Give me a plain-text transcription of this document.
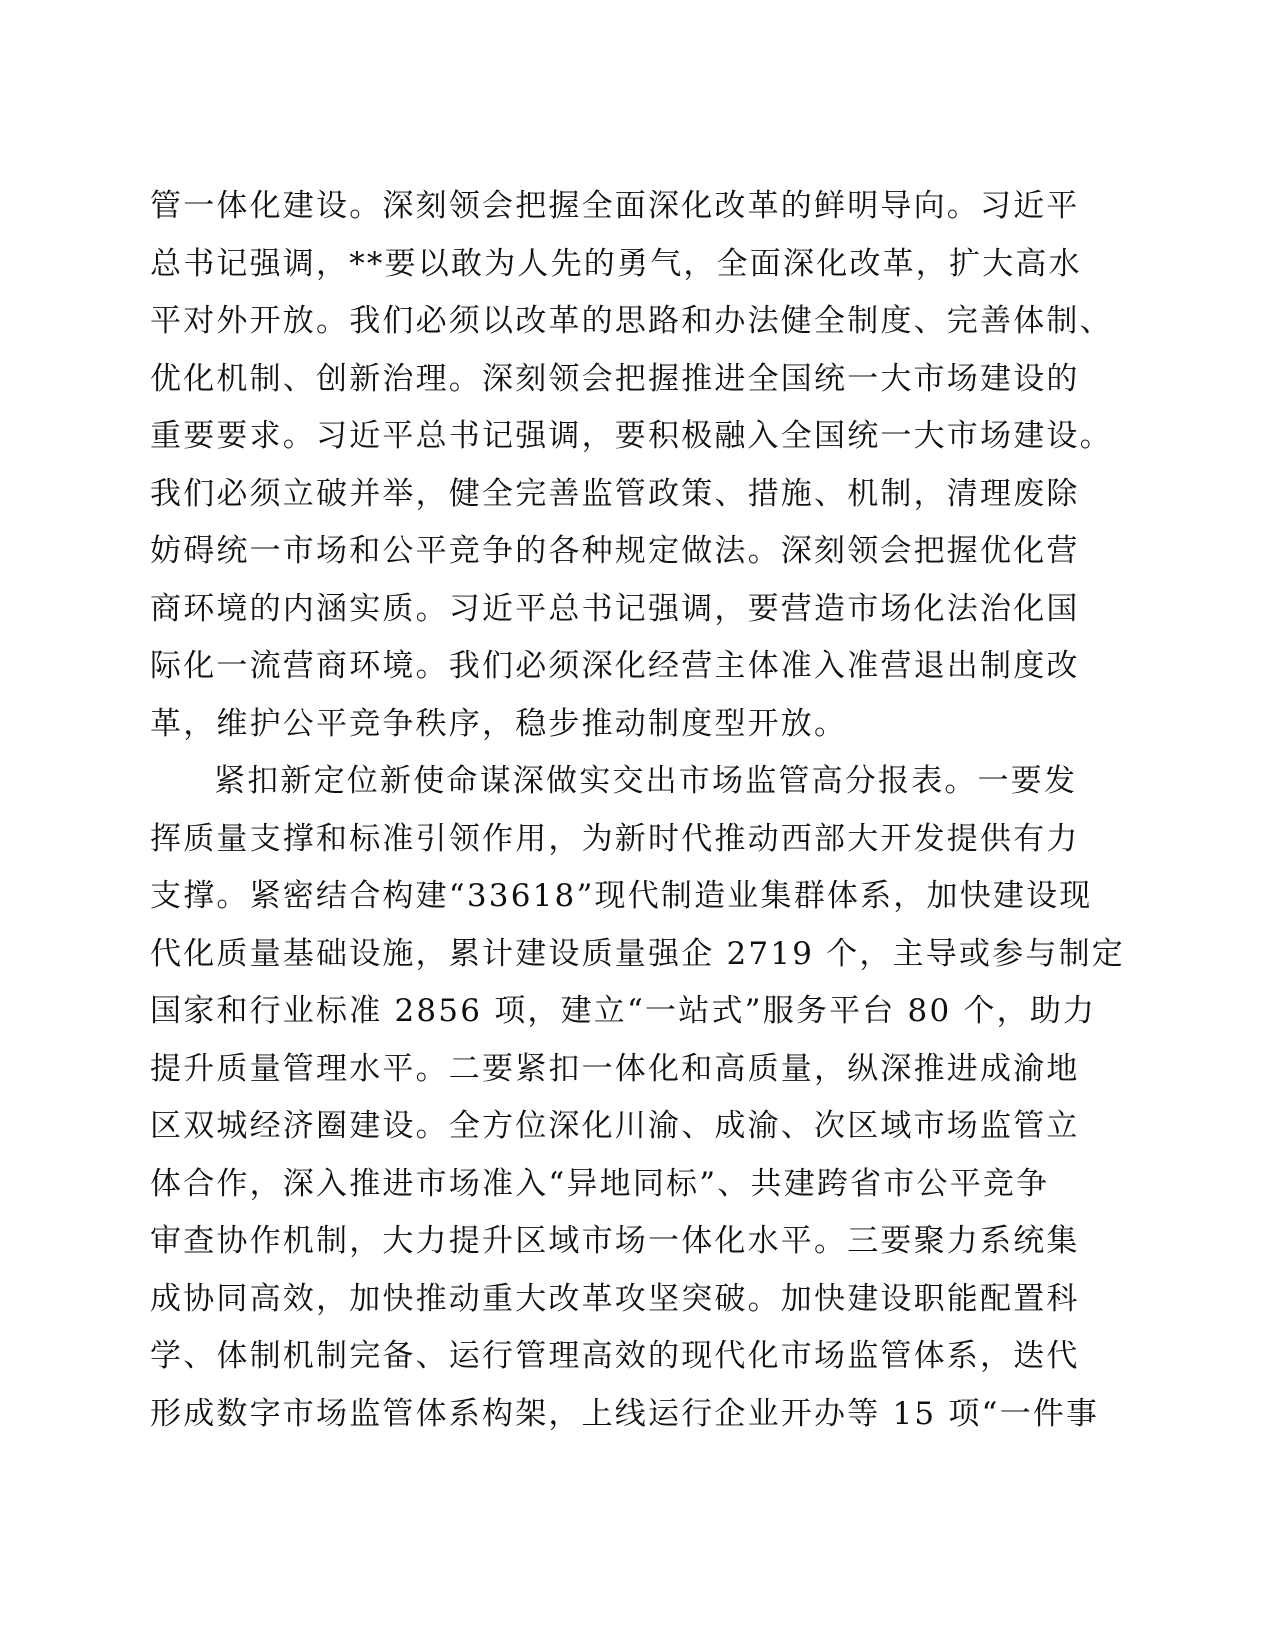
管一体化建设。深刻领会把握全面深化改革的鲜明导向。习近平
总书记强调，**要以敢为人先的勇气，全面深化改革，扩大高水
平对外开放。我们必须以改革的思路和办法健全制度、完善体制、
优化机制、创新治理。深刻领会把握推进全国统一大市场建设的
重要要求。习近平总书记强调，要积极融入全国统一大市场建设。
我们必须立破并举，健全完善监管政策、措施、机制，清理废除
妨碍统一市场和公平竞争的各种规定做法。深刻领会把握优化营
商环境的内涵实质。习近平总书记强调，要营造市场化法治化国
际化一流营商环境。我们必须深化经营主体准入准营退出制度改
革，维护公平竞争秩序，稳步推动制度型开放。
紧扣新定位新使命谋深做实交出市场监管高分报表。一要发
挥质量支撑和标准引领作用，为新时代推动西部大开发提供有力
支撑。紧密结合构建“33618”现代制造业集群体系，加快建设现
代化质量基础设施，累计建设质量强企 2719 个，主导或参与制定
国家和行业标准 2856 项，建立“一站式”服务平台 80 个，助力
提升质量管理水平。二要紧扣一体化和高质量，纵深推进成渝地
区双城经济圈建设。全方位深化川渝、成渝、次区域市场监管立
体合作，深入推进市场准入“异地同标”、共建跨省市公平竞争
审查协作机制，大力提升区域市场一体化水平。三要聚力系统集
成协同高效，加快推动重大改革攻坚突破。加快建设职能配置科
学、体制机制完备、运行管理高效的现代化市场监管体系，迭代
形成数字市场监管体系构架，上线运行企业开办等 15 项“一件事
